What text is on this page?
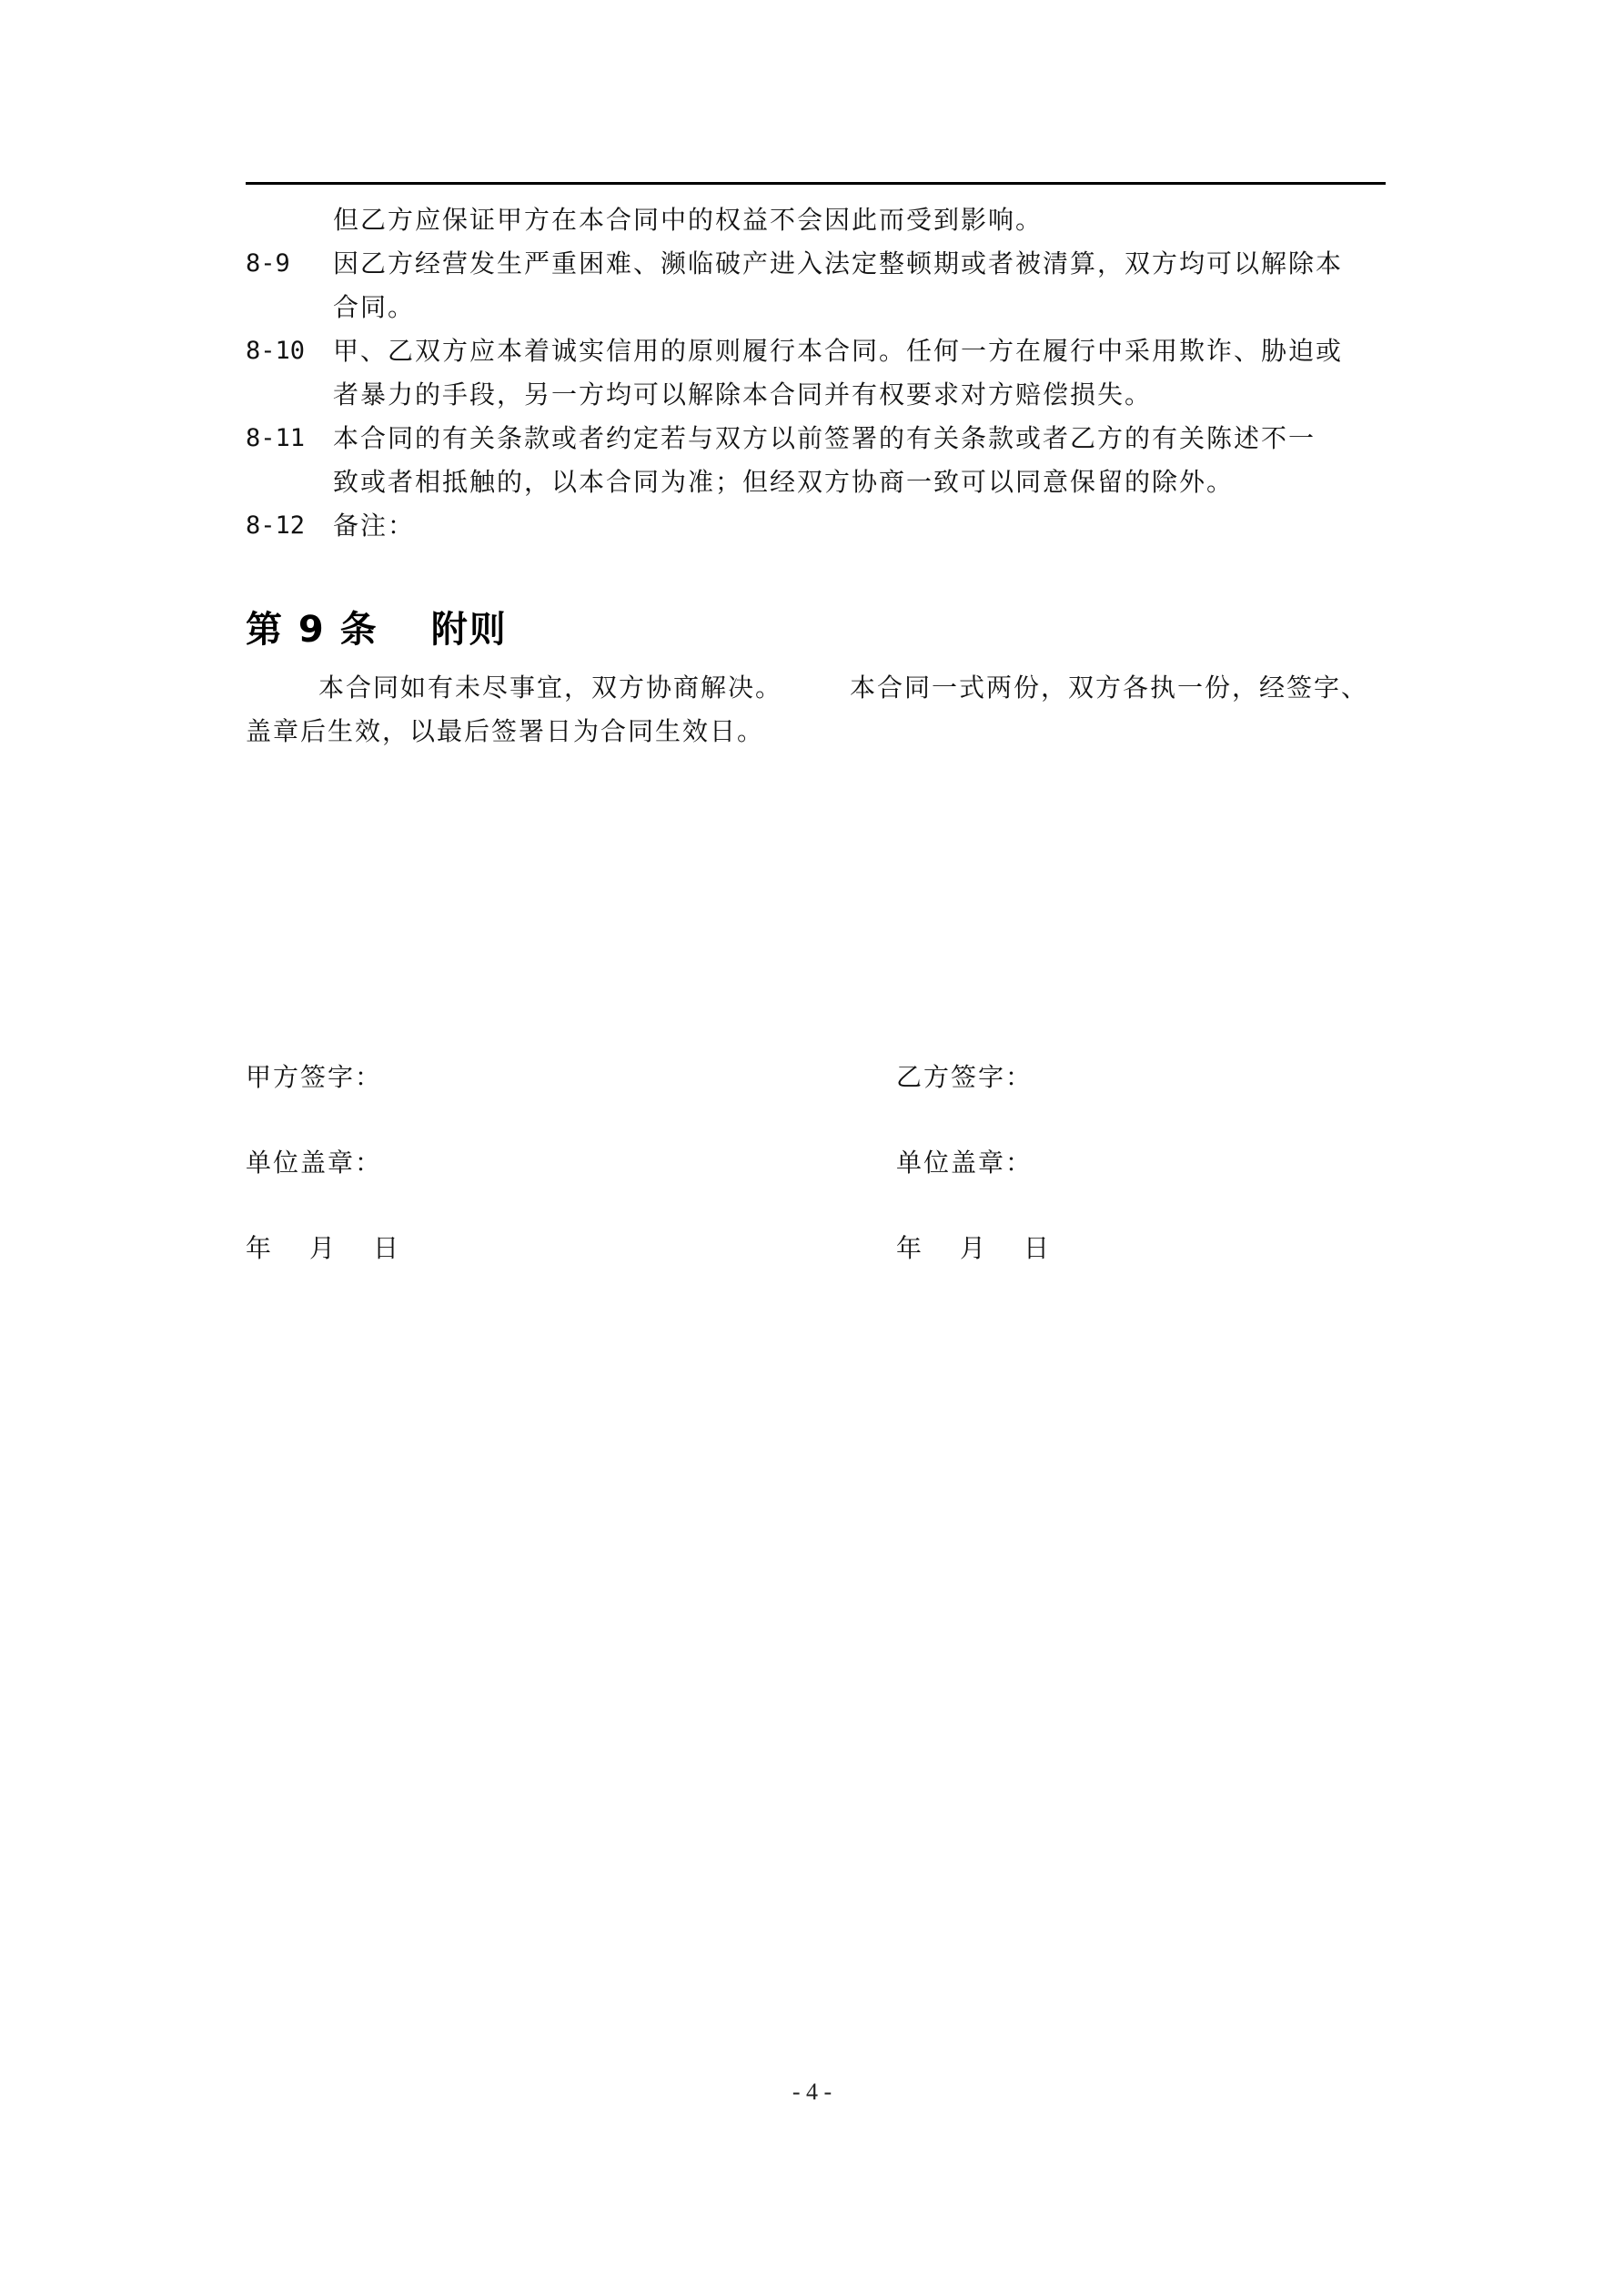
但乙方应保证甲方在本合同中的权益不会因此而受到影响。
8-9	因乙方经营发生严重困难、濒临破产进入法定整顿期或者被清算，双方均可以解除本
合同。
8-10	甲、乙双方应本着诚实信用的原则履行本合同。任何一方在履行中采用欺诈、胁迫或
者暴力的手段，另一方均可以解除本合同并有权要求对方赔偿损失。
8-11	本合同的有关条款或者约定若与双方以前签署的有关条款或者乙方的有关陈述不一
致或者相抵触的，以本合同为准；但经双方协商一致可以同意保留的除外。
8-12	备注：
第 9 条 附则
本合同如有未尽事宜，双方协商解决。	本合同一式两份，双方各执一份，经签字、
盖章后生效，以最后签署日为合同生效日。
甲方签字：
单位盖章：
年 月 日
乙方签字：
单位盖章：
年 月 日
- 4 -
